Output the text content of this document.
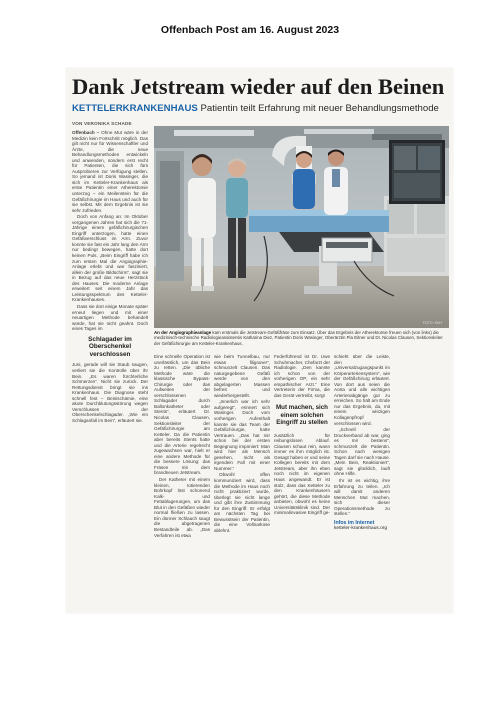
Offenbach Post am 16. August 2023
Dank Jetstream wieder auf den Beinen
KETTELERKRANKENHAUS Patientin teilt Erfahrung mit neuer Behandlungsmethode
VON VERONIKA SCHADE

Offenbach – Ohne Mut wäre in der Medizin kein Fortschritt möglich. Das gilt nicht nur für Wissenschaftler und Ärzte, die neue Behandlungsmethoden entwickeln und anwenden, sondern erst recht für Patienten, die sich fürs Ausprobieren zur Verfügung stellen. So jemand ist Doris Wasinger, die sich im Ketteler-Krankenhaus als erste Patientin einer Atherektomie unterzog – ein Meilenstein für die Gefäßchirurgie im Haus und auch für sie selbst. Mit dem Ergebnis ist sie sehr zufrieden.

Doch von Anfang an: Im Oktober vergangenen Jahres hat sich die 71-Jährige einem gefäßchirurgischen Eingriff unterzogen, hatte einen Gefäßverschluss im Arm. Zuvor konnte sie fast ein Jahr lang den Arm nur bedingt bewegen, hatte dort keinen Puls. „Beim Eingriff habe ich zum ersten Mal die Angiographie-Anlage erlebt und war fasziniert, allein der große Bildschirm“, sagt sie in Bezug auf das neue Herzstück des Hauses. Die moderne Anlage erweitert seit einem Jahr das Leistungsspektrum des Ketteler-Krankenhauses.

Dass sie dort einige Monate später erneut liegen und mit einer neuartigen Methode behandelt würde, hat sie nicht geahnt. Doch eines Tages im

Schlagader im Oberschenkel verschlossen

Juni, gerade will sie Staub saugen, verliert sie die Kontrolle über ihr Bein. „Es waren fürchterliche Schmerzen“. Nicht sie zurück. Der Rettungsdienst bringt sie ins Krankenhaus. Die Diagnose steht schnell fest – Beinischämie, eine akute Durchblutungsstörung wegen Verschlusses der Oberschenkelschlagader. „Wie ein Schlaganfall im Bein“, erläutert sie.

FOTO: KKH
An der Angiographieanlage kam erstmals die Jetstream-Gefäßfräse zum Einsatz. Über das Ergebnis der Atherektomie freuen sich (von links) die medizinisch-technische Radiologieassistentin Katharina Diez, Patientin Doris Wasinger, Oberärztin Pia Eitner und Dr. Nicolas Clausen, Sektionsleiter der Gefäßchirurgie am Ketteler-Krankenhaus.

Eine schnelle Operation ist unerlässlich, um das Bein zu retten. „Die übliche Methode wäre die klassische Bypass-Chirurgie oder das Aufweiten der verschlossenen Schlagader durch Ballonkatheter oder Stents“, erläutert Dr. Nicolas Clausen, Sektionsleiter der Gefäßchirurgie am Ketteler. Da die Patientin aber bereits Stents hatte und die Arterie regelrecht zugewachsen war, hielt er eine andere Methode für die bessere Lösung: das Fräsen mit dem brandneuen Jetstream.

Der Katheter mit einem kleinen, rotierenden Bohrkopf löst schonend Kalk- und Fettablagerungen, um das Blut in den Gefäßen wieder normal fließen zu lassen. Ein dünner Schlauch saugt die abgetragenen Bestandteile ab. „Das Verfahren ist etwa

wie beim Tunnelbau, nur etwas filigraner“, schmunzelt Clausen. Das naturgegebene Gefäß werde von den abgelagerten Massen befreit und wiederhergestellt.

„Innerlich war ich sehr aufgeregt“, erinnert sich Wasinger. Doch vom vorherigen Aufenthalt kannte sie das Team der Gefäßchirurgie, hatte Vertrauen. „Das hat mir schon bei der ersten Begegnung imponiert: Man wird hier als Mensch gesehen, nicht als irgendein Fall mit einer Nummer.“

Obwohl offen kommuniziert wird, dass die Methode im Haus noch nicht praktiziert wurde, überlegt sie nicht lange und gibt ihre Zustimmung für den Eingriff. Er erfolgt am nächsten Tag bei Bewusstsein der Patientin, die eine Vollnarkose ablehnt.

Federführend ist Dr. Uwe Schuhmacher, Chefarzt der Radiologie. „Den kannte ich schon von der vorherigen OP, ein sehr empathischer Arzt.“ Eine Vertreterin der Firma, die das Gerät vertreibt, sorgt

Mut machen, sich einem solchen Eingriff zu stellen

zusätzlich für reibungslosen Ablauf. Clausen schaut rein, wann immer es ihm möglich ist. Gesagt haben er und seine Kollegen bereits mit dem Jetstream, aber ihn eben noch nicht im eigenen Haus angewandt. Er ist stolz, dass das Ketteler zu den Krankenhäusern gehört, die diese Methode anbieten, obwohl es keine Universitätsklinik sind. Der minimalinvasive Eingriff ge-

schieht über die Leiste, den „Universalzugangspunkt im Körperarteriensystem“, wie der Gefäßchirurg erläutert. Von dort aus seien die Aorta und alle wichtigen Arterienabgänge gut zu erreichen. So hält am Ende nur das Ergebnis, da, mit einem winzigen Kollagenpfropf verschlossen wird.

„Schnell der Druckverband ab war, ging es mir bestens“, schmunzelt die Patientin. Schon nach wenigen Tagen darf sie nach Hause. „Mein Bein, Reaktioniert“, sagt sie glücklich, lauft ohne Hilfe.

Ihr ist es wichtig, ihre Erfahrung zu teilen. „Ich will damit anderen Menschen Mut machen, sich dieser Operationsmethode zu stellen.“

Infos im Internet
ketteler-krankenhaus.org
